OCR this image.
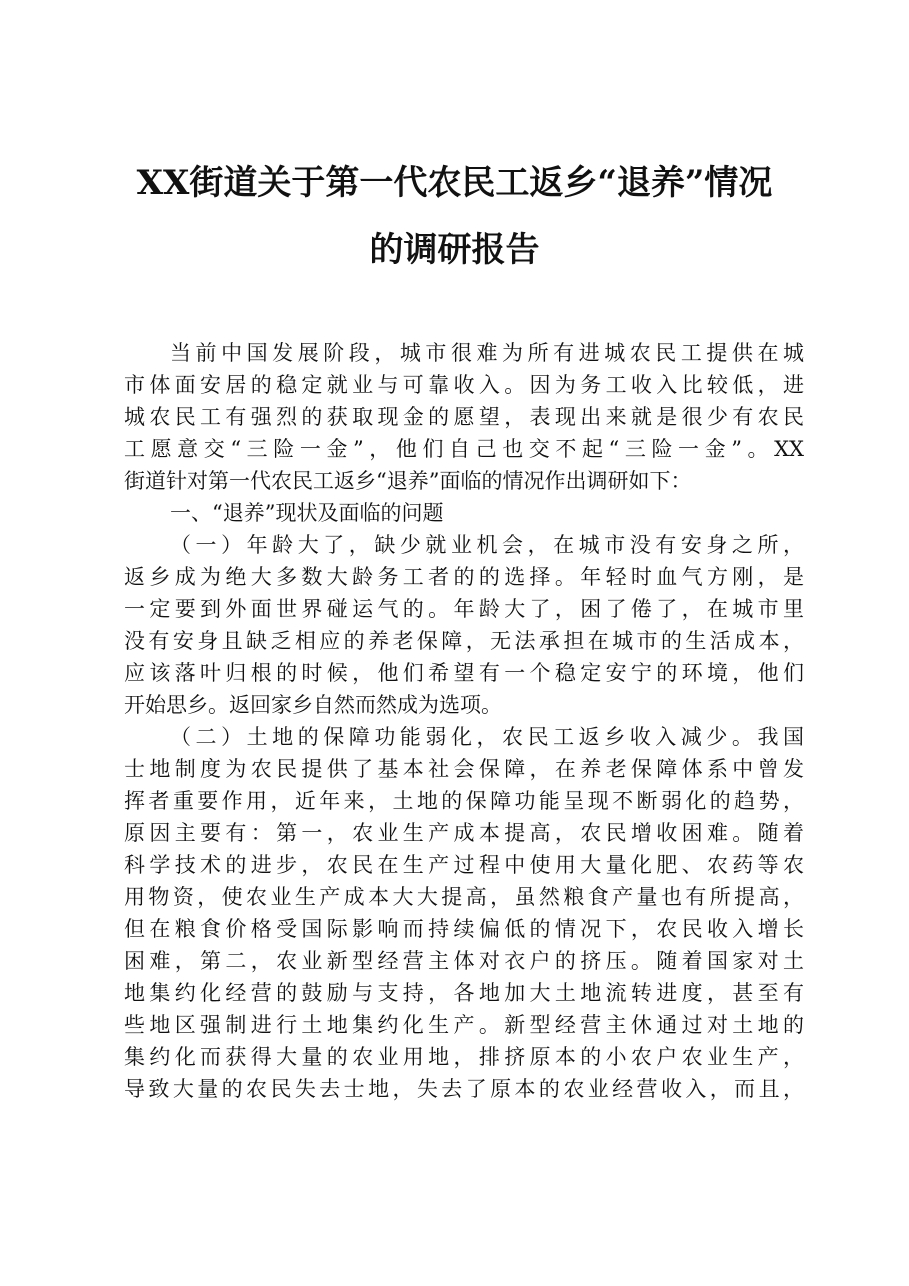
XX街道关于第一代农民工返乡“退养”情况
的调研报告
当前中国发展阶段，城市很难为所有进城农民工提供在城
市体面安居的稳定就业与可靠收入。因为务工收入比较低，进
城农民工有强烈的获取现金的愿望，表现出来就是很少有农民
工愿意交“三险一金”，他们自己也交不起“三险一金”。XX
街道针对第一代农民工返乡“退养”面临的情况作出调研如下：
一、“退养”现状及面临的问题
（一）年龄大了，缺少就业机会，在城市没有安身之所，
返乡成为绝大多数大龄务工者的的选择。年轻时血气方刚，是
一定要到外面世界碰运气的。年龄大了，困了倦了，在城市里
没有安身且缺乏相应的养老保障，无法承担在城市的生活成本，
应该落叶归根的时候，他们希望有一个稳定安宁的环境，他们
开始思乡。返回家乡自然而然成为选项。
（二）土地的保障功能弱化，农民工返乡收入减少。我国
士地制度为农民提供了基本社会保障，在养老保障体系中曾发
挥者重要作用，近年来，土地的保障功能呈现不断弱化的趋势，
原因主要有：第一，农业生产成本提高，农民增收困难。随着
科学技术的进步，农民在生产过程中使用大量化肥、农药等农
用物资，使农业生产成本大大提高，虽然粮食产量也有所提高，
但在粮食价格受国际影响而持续偏低的情况下，农民收入增长
困难，第二，农业新型经营主体对衣户的挤压。随着国家对土
地集约化经营的鼓励与支持，各地加大土地流转进度，甚至有
些地区强制进行土地集约化生产。新型经营主休通过对土地的
集约化而获得大量的农业用地，排挤原本的小农户农业生产，
导致大量的农民失去士地，失去了原本的农业经营收入，而且，
